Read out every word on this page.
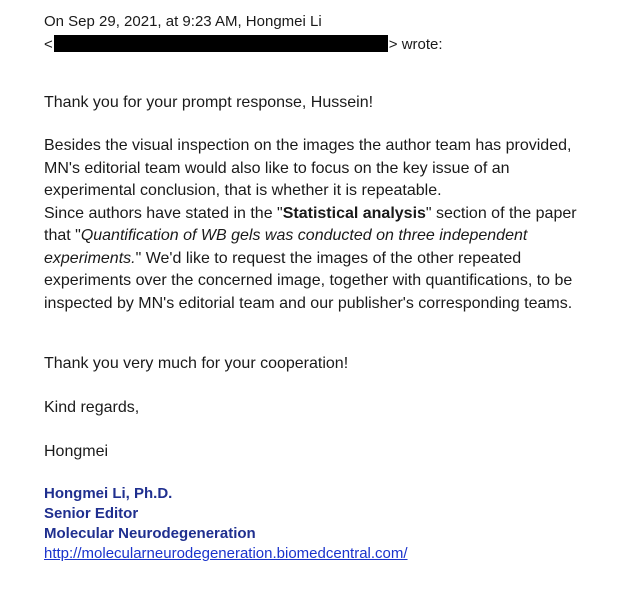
On Sep 29, 2021, at 9:23 AM, Hongmei Li
<	> wrote:
Thank you for your prompt response, Hussein!
Besides the visual inspection on the images the author team has provided, MN's editorial team would also like to focus on the key issue of an experimental conclusion, that is whether it is repeatable.
Since authors have stated in the "Statistical analysis" section of the paper that "Quantification of WB gels was conducted on three independent experiments." We'd like to request the images of the other repeated experiments over the concerned image, together with quantifications, to be inspected by MN's editorial team and our publisher's corresponding teams.
Thank you very much for your cooperation!
Kind regards,
Hongmei
Hongmei Li, Ph.D.
Senior Editor
Molecular Neurodegeneration
http://molecularneurodegeneration.biomedcentral.com/
